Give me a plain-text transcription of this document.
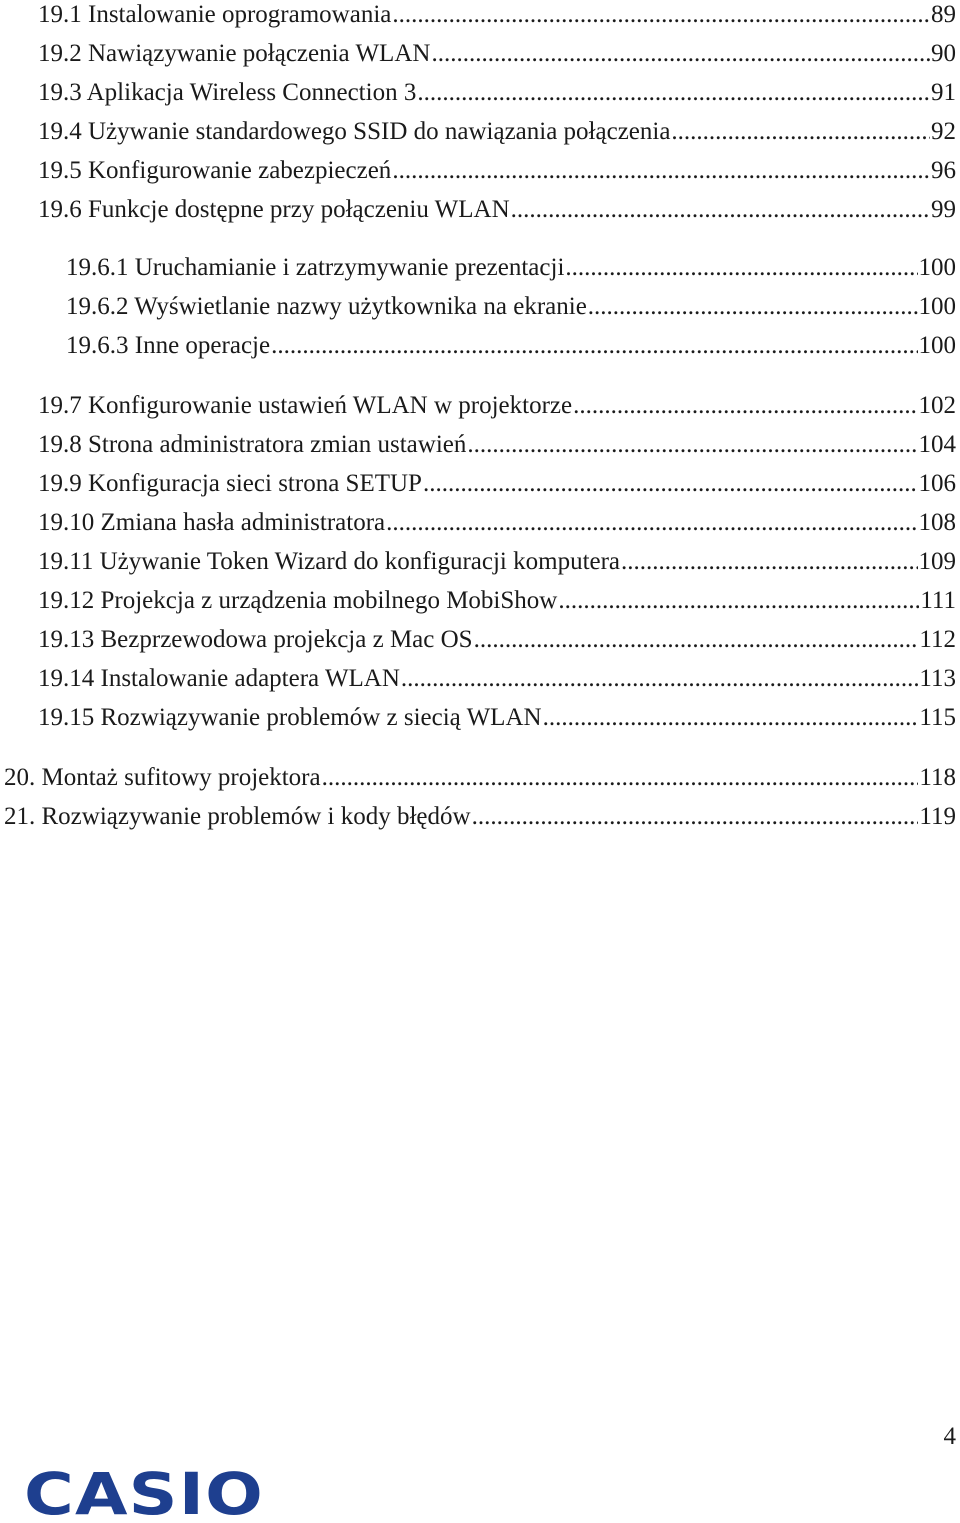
19.1 Instalowanie oprogramowania .....	89
19.2 Nawiązywanie połączenia WLAN .....	90
19.3 Aplikacja Wireless Connection 3 .....	91
19.4 Używanie standardowego SSID do nawiązania połączenia .....	92
19.5 Konfigurowanie zabezpieczeń .....	96
19.6 Funkcje dostępne przy połączeniu WLAN .....	99
19.6.1 Uruchamianie i zatrzymywanie prezentacji .....	100
19.6.2 Wyświetlanie nazwy użytkownika na ekranie .....	100
19.6.3 Inne operacje .....	100
19.7 Konfigurowanie ustawień WLAN w projektorze .....	102
19.8 Strona administratora zmian ustawień .....	104
19.9 Konfiguracja sieci strona SETUP .....	106
19.10 Zmiana hasła administratora .....	108
19.11 Używanie Token Wizard do konfiguracji komputera .....	109
19.12 Projekcja z urządzenia mobilnego MobiShow .....	111
19.13 Bezprzewodowa projekcja z Mac OS .....	112
19.14 Instalowanie adaptera WLAN .....	113
19.15 Rozwiązywanie problemów z siecią WLAN .....	115
20. Montaż sufitowy projektora .....	118
21. Rozwiązywanie problemów i kody błędów .....	119
4
CASIO
